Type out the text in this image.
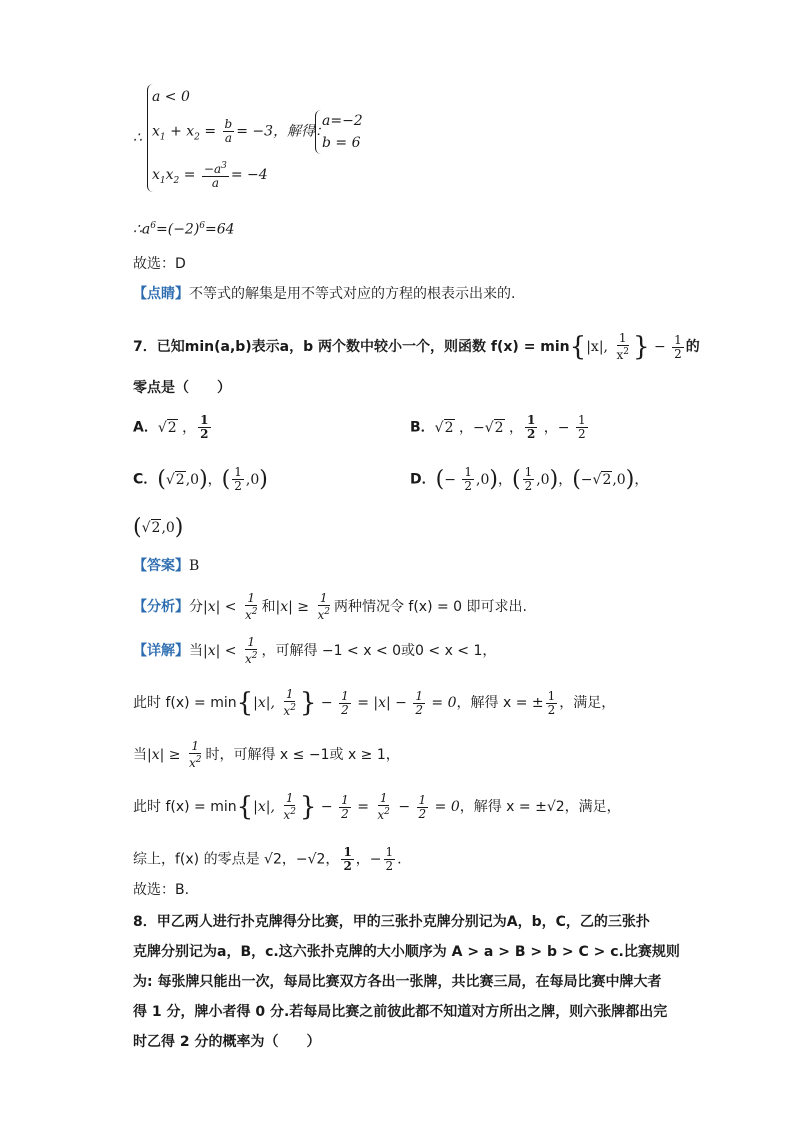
∴
a < 0
$x_1 + x_2 = \frac{b}{a} = -3$，解得：
$x_1x_2 = \frac{-a^3}{a} = -4$
a=−2
b = 6
$\therefore a^6=(-2)^6=64$
故选：D
【点睛】不等式的解集是用不等式对应的方程的根表示出来的.
7．已知min(a,b)表示a，b 两个数中较小一个，则函数 f(x) = min{|x|, $\frac{1}{x^2}$ } − $\frac{1}{2}$ 的
零点是（　　）
A．√2 ， $\frac{1}{2}$	B．√2 ，−√2 ， $\frac{1}{2}$ ，− $\frac{1}{2}$
C．(√2,0)，( $\frac{1}{2} ,0$)	D．(− $\frac{1}{2} ,0$)，( $\frac{1}{2} ,0$)，(−√2,0)，
(√2,0)
【答案】B
【分析】分$|x| < \frac{1}{x^2}$ 和$|x| \ge \frac{1}{x^2}$ 两种情况令 f(x) = 0 即可求出.
【详解】当$|x| < \frac{1}{x^2}$ ，可解得 −1 < x < 0或0 < x < 1，
此时 f(x) = min{|x|, $\frac{1}{x^2}$ } − $\frac{1}{2} = |x| - \frac{1}{2} = 0$，解得 x = ± $\frac{1}{2}$ ，满足，
当$|x| \ge \frac{1}{x^2}$ 时，可解得 x ≤ −1或 x ≥ 1，
此时 f(x) = min{|x|, $\frac{1}{x^2}$ } − $\frac{1}{2} = \frac{1}{x^2} - \frac{1}{2} = 0$，解得 x = ±√2，满足，
综上，f(x) 的零点是 √2，−√2， $\frac{1}{2}$ ，− $\frac{1}{2}$ .
故选：B.
8．甲乙两人进行扑克牌得分比赛，甲的三张扑克牌分别记为A，b，C，乙的三张扑
克牌分别记为a，B，c.这六张扑克牌的大小顺序为 A > a > B > b > C > c.比赛规则
为: 每张牌只能出一次，每局比赛双方各出一张牌，共比赛三局，在每局比赛中牌大者
得 1 分，牌小者得 0 分.若每局比赛之前彼此都不知道对方所出之牌，则六张牌都出完
时乙得 2 分的概率为（　　）
